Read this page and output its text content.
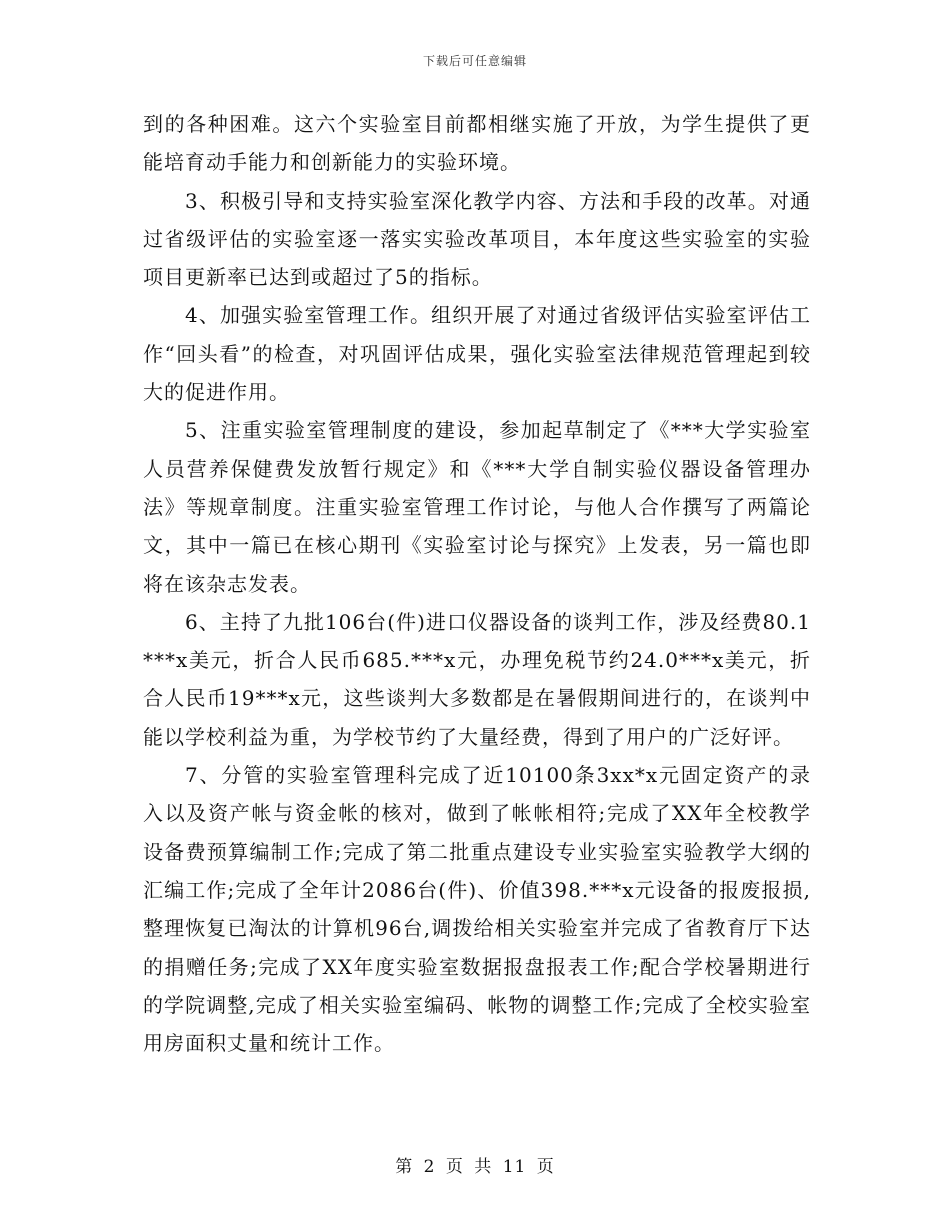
下载后可任意编辑

到的各种困难。这六个实验室目前都相继实施了开放，为学生提供了更能培育动手能力和创新能力的实验环境。

3、积极引导和支持实验室深化教学内容、方法和手段的改革。对通过省级评估的实验室逐一落实实验改革项目，本年度这些实验室的实验项目更新率已达到或超过了5的指标。

4、加强实验室管理工作。组织开展了对通过省级评估实验室评估工作“回头看”的检查，对巩固评估成果，强化实验室法律规范管理起到较大的促进作用。

5、注重实验室管理制度的建设，参加起草制定了《***大学实验室人员营养保健费发放暂行规定》和《***大学自制实验仪器设备管理办法》等规章制度。注重实验室管理工作讨论，与他人合作撰写了两篇论文，其中一篇已在核心期刊《实验室讨论与探究》上发表，另一篇也即将在该杂志发表。

6、主持了九批106台(件)进口仪器设备的谈判工作，涉及经费80.1***x美元，折合人民币685.***x元，办理免税节约24.0***x美元，折合人民币19***x元，这些谈判大多数都是在暑假期间进行的，在谈判中能以学校利益为重，为学校节约了大量经费，得到了用户的广泛好评。

7、分管的实验室管理科完成了近10100条3xx*x元固定资产的录入以及资产帐与资金帐的核对，做到了帐帐相符;完成了XX年全校教学设备费预算编制工作;完成了第二批重点建设专业实验室实验教学大纲的汇编工作;完成了全年计2086台(件)、价值398.***x元设备的报废报损,整理恢复已淘汰的计算机96台,调拨给相关实验室并完成了省教育厅下达的捐赠任务;完成了XX年度实验室数据报盘报表工作;配合学校暑期进行的学院调整,完成了相关实验室编码、帐物的调整工作;完成了全校实验室用房面积丈量和统计工作。

第 2 页 共 11 页
